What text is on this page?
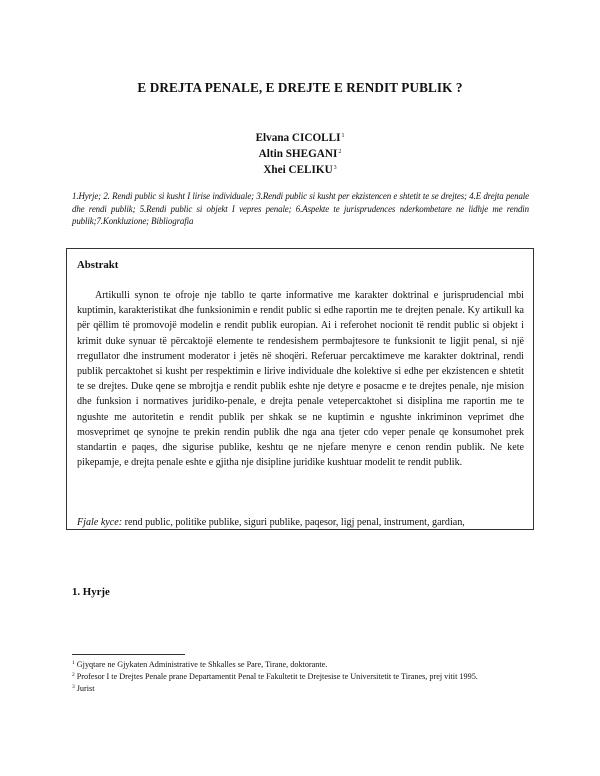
E DREJTA PENALE, E DREJTE E RENDIT PUBLIK ?
Elvana CICOLLI$^1$
Altin SHEGANI$^2$
Xhei CELIKU$^3$
1.Hyrje; 2. Rendi public si kusht I lirise individuale; 3.Rendi public si kusht per ekzistencen e shtetit te se drejtes; 4.E drejta penale dhe rendi publik; 5.Rendi public si objekt I vepres penale; 6.Aspekte te jurisprudences nderkombetare ne lidhje me rendin publik;7.Konkluzione; Bibliografia
Abstrakt
Artikulli synon te ofroje nje tabllo te qarte informative me karakter doktrinal e jurisprudencial mbi kuptimin, karakteristikat dhe funksionimin e rendit public si edhe raportin me te drejten penale. Ky artikull ka për qëllim të promovojë modelin e rendit publik europian. Ai i referohet nocionit të rendit public si objekt i krimit duke synuar të përcaktojë elemente te rendesishem permbajtesore te funksionit te ligjit penal, si një rregullator dhe instrument moderator i jetës në shoqëri. Referuar percaktimeve me karakter doktrinal, rendi publik percaktohet si kusht per respektimin e lirive individuale dhe kolektive si edhe per ekzistencen e shtetit te se drejtes. Duke qene se mbrojtja e rendit publik eshte nje detyre e posacme e te drejtes penale, nje mision dhe funksion i normatives juridiko-penale, e drejta penale vetepercaktohet si disiplina me raportin me te ngushte me autoritetin e rendit publik per shkak se ne kuptimin e ngushte inkriminon veprimet dhe mosveprimet qe synojne te prekin rendin publik dhe nga ana tjeter cdo veper penale qe konsumohet prek standartin e paqes, dhe sigurise publike, keshtu qe ne njefare menyre e cenon rendin publik. Ne kete pikepamje, e drejta penale eshte e gjitha nje disipline juridike kushtuar modelit te rendit publik.
Fjale kyce: rend public, politike publike, siguri publike, paqesor, ligj penal, instrument, gardian,
1. Hyrje

$^1$ Gjyqtare ne Gjykaten Administrative te Shkalles se Pare, Tirane, doktorante.

$^2$ Profesor I te Drejtes Penale prane Departamentit Penal te Fakultetit te Drejtesise te Universitetit te Tiranes, prej vitit 1995.

$^3$ Jurist
